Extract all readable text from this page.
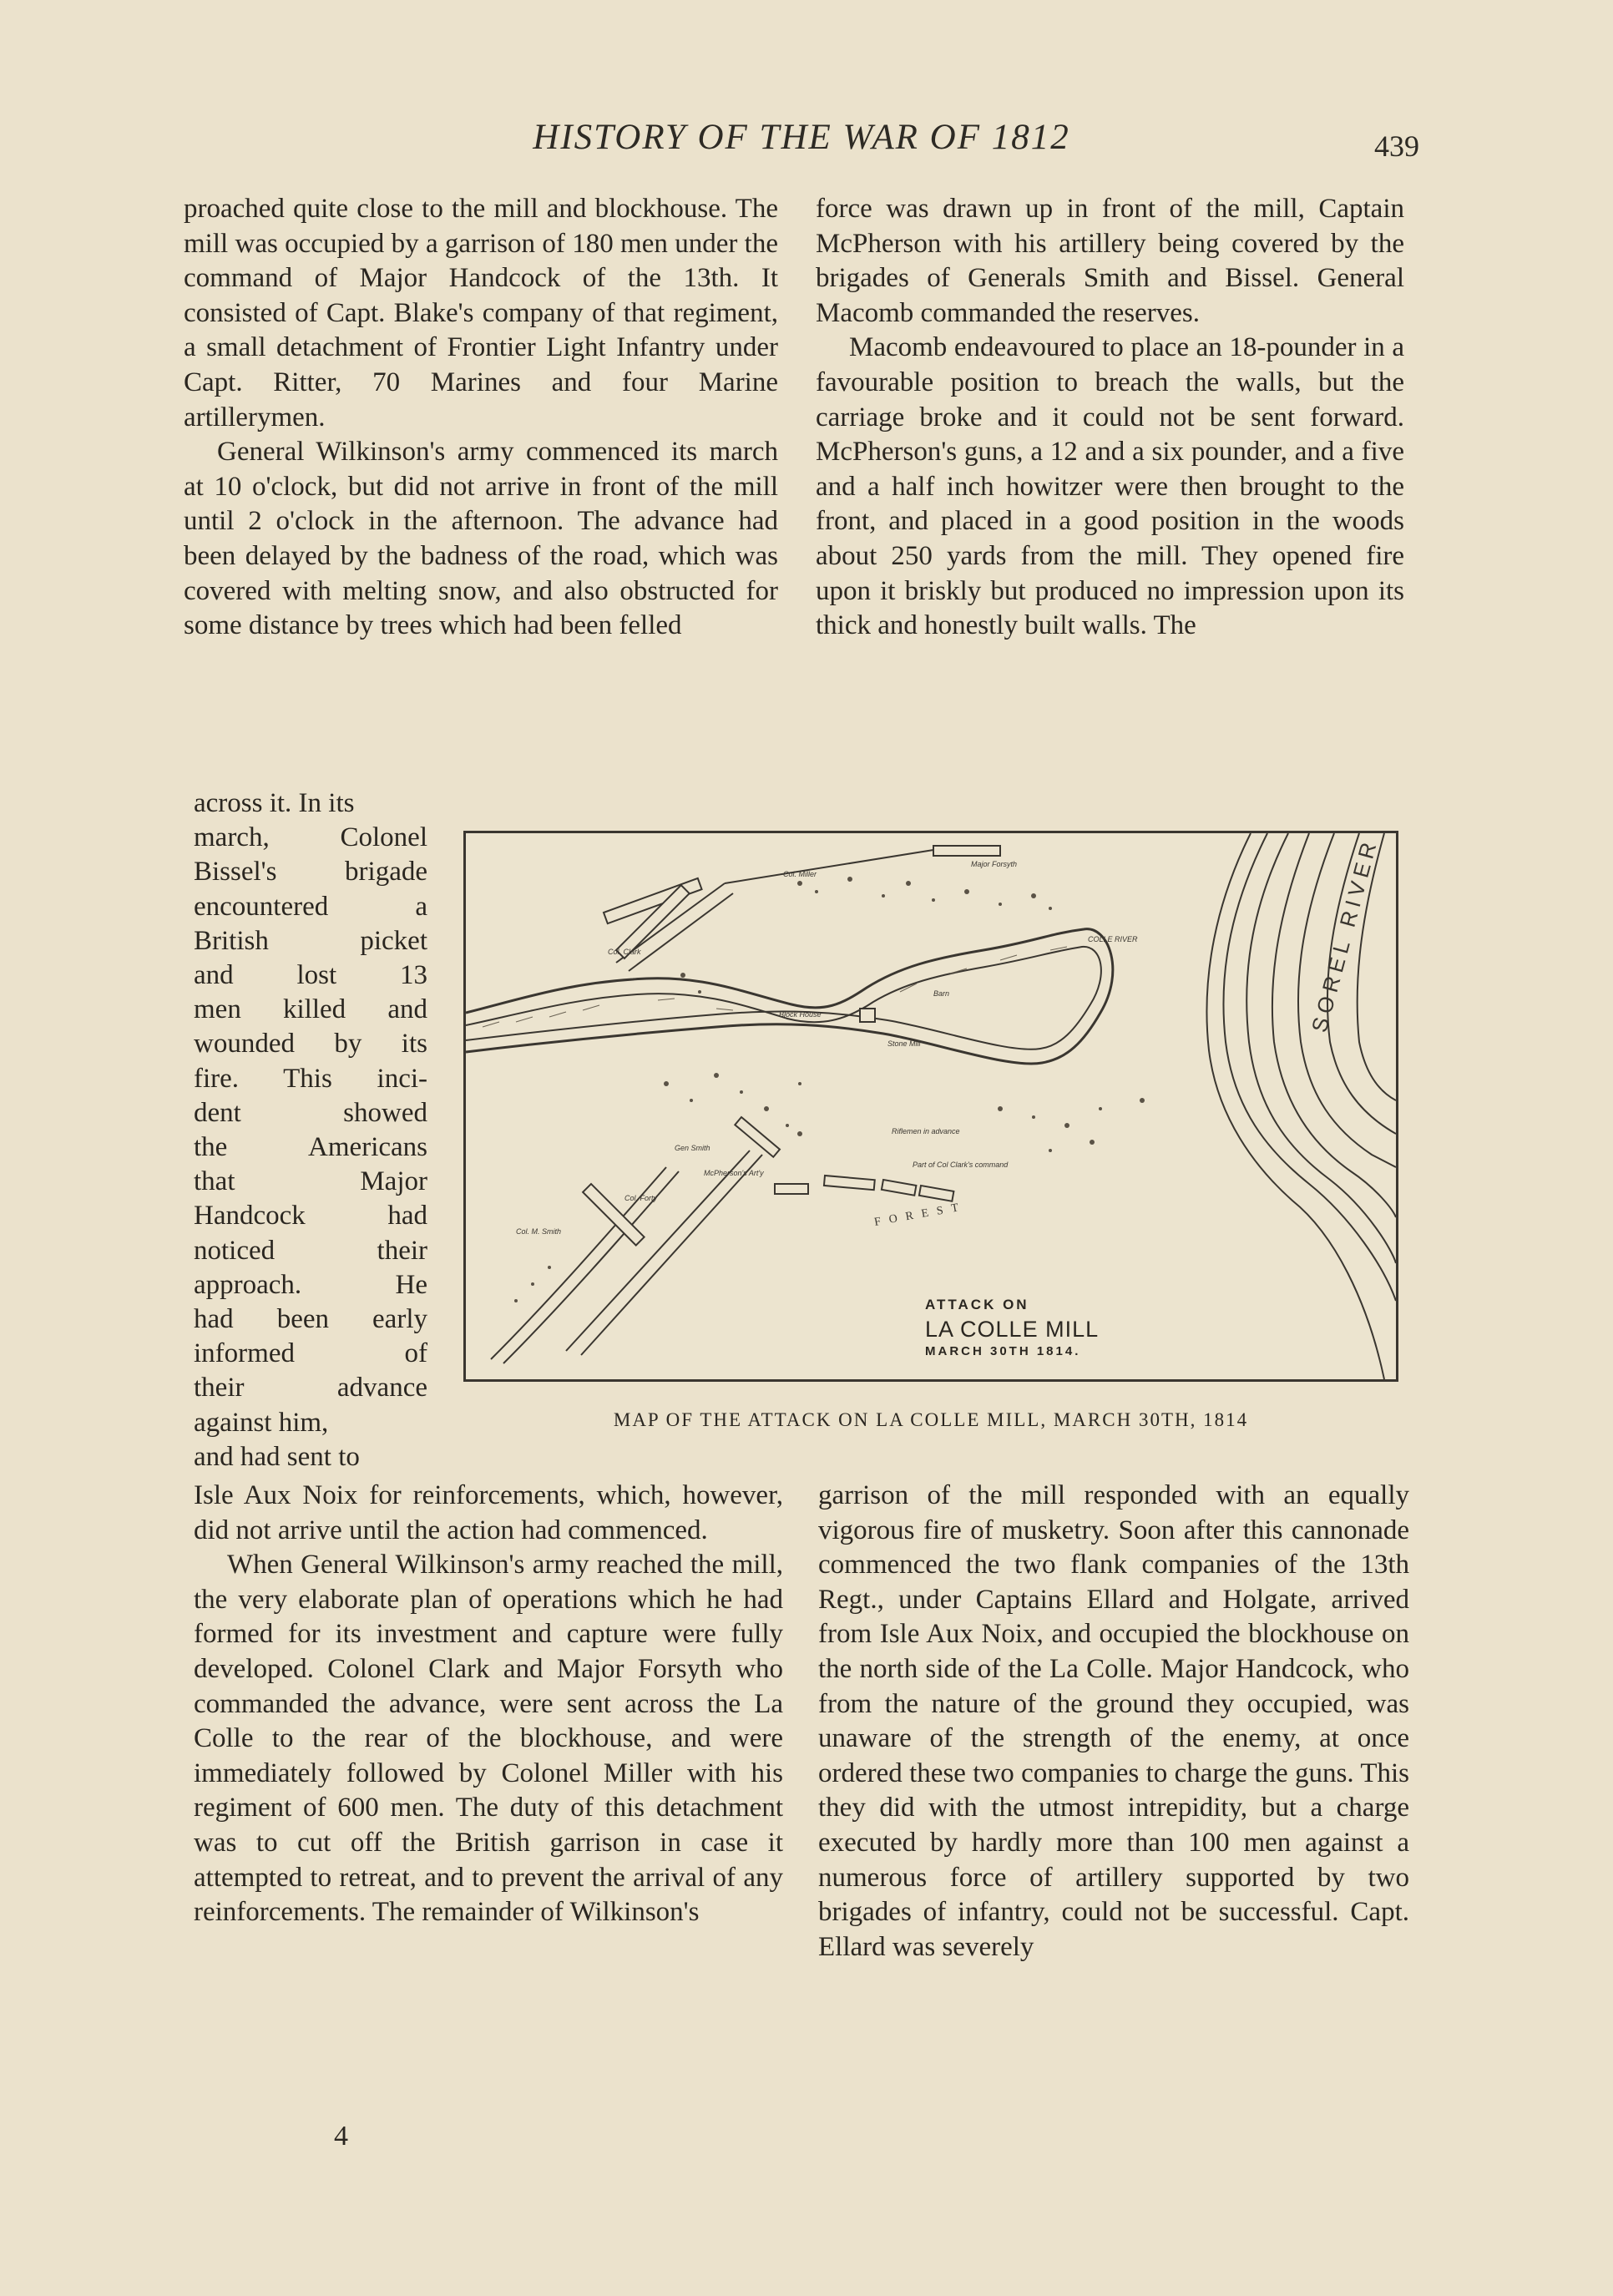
HISTORY OF THE WAR OF 1812	439

proached quite close to the mill and blockhouse. The mill was occupied by a garrison of 180 men under the command of Major Handcock of the 13th. It consisted of Capt. Blake's company of that regiment, a small detachment of Frontier Light Infantry under Capt. Ritter, 70 Marines and four Marine artillerymen.

General Wilkinson's army commenced its march at 10 o'clock, but did not arrive in front of the mill until 2 o'clock in the afternoon. The advance had been delayed by the badness of the road, which was covered with melting snow, and also obstructed for some distance by trees which had been felled

force was drawn up in front of the mill, Captain McPherson with his artillery being covered by the brigades of Generals Smith and Bissel. General Macomb commanded the reserves.

Macomb endeavoured to place an 18-pounder in a favourable position to breach the walls, but the carriage broke and it could not be sent forward. McPherson's guns, a 12 and a six pounder, and a five and a half inch howitzer were then brought to the front, and placed in a good position in the woods about 250 yards from the mill. They opened fire upon it briskly but produced no impression upon its thick and honestly built walls. The

across it. In its
march, Colonel
Bissel's brigade
encountered a
British picket
and lost 13
men killed and
wounded by its
fire. This inci-
dent showed
the Americans
that Major
Handcock had
noticed their
approach. He
had been early
informed of
their advance
against him,
and had sent to
SOREL RIVER
Col. Miller
Major Forsyth
Col. Clark
COLLE RIVER
Block House
Stone Mill
Barn
Riflemen in advance
Gen Smith
McPherson's Art'y
Part of Col Clark's command
Col. Forty
Col. M. Smith
FOREST
ATTACK ON
LA COLLE MILL
MARCH 30TH 1814.
MAP OF THE ATTACK ON LA COLLE MILL, MARCH 30TH, 1814

Isle Aux Noix for reinforcements, which, however, did not arrive until the action had commenced.

When General Wilkinson's army reached the mill, the very elaborate plan of operations which he had formed for its investment and capture were fully developed. Colonel Clark and Major Forsyth who commanded the advance, were sent across the La Colle to the rear of the blockhouse, and were immediately followed by Colonel Miller with his regiment of 600 men. The duty of this detachment was to cut off the British garrison in case it attempted to retreat, and to prevent the arrival of any reinforcements. The remainder of Wilkinson's

garrison of the mill responded with an equally vigorous fire of musketry. Soon after this cannonade commenced the two flank companies of the 13th Regt., under Captains Ellard and Holgate, arrived from Isle Aux Noix, and occupied the blockhouse on the north side of the La Colle. Major Handcock, who from the nature of the ground they occupied, was unaware of the strength of the enemy, at once ordered these two companies to charge the guns. This they did with the utmost intrepidity, but a charge executed by hardly more than 100 men against a numerous force of artillery supported by two brigades of infantry, could not be successful. Capt. Ellard was severely

4
